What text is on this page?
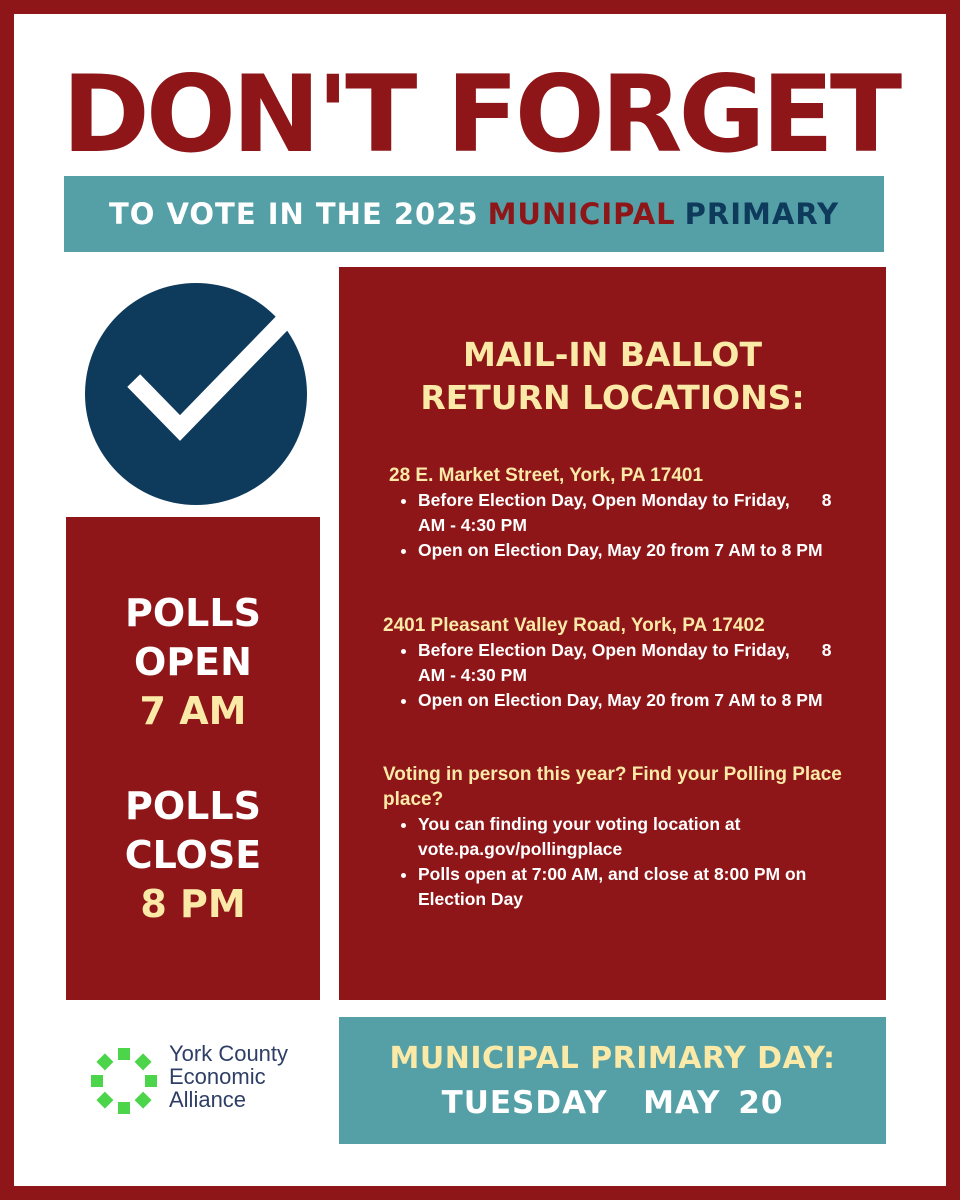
DON'T FORGET
TO VOTE IN THE 2025 MUNICIPAL PRIMARY
POLLS
OPEN
7 AM
POLLS
CLOSE
8 PM
MAIL-IN BALLOT
RETURN LOCATIONS:
28 E. Market Street, York, PA 17401
• Before Election Day, Open Monday to Friday, 8 AM - 4:30 PM
• Open on Election Day, May 20 from 7 AM to 8 PM
2401 Pleasant Valley Road, York, PA 17402
• Before Election Day, Open Monday to Friday, 8 AM - 4:30 PM
• Open on Election Day, May 20 from 7 AM to 8 PM
Voting in person this year? Find your Polling Place place?
• You can finding your voting location at vote.pa.gov/pollingplace
• Polls open at 7:00 AM, and close at 8:00 PM on Election Day
York County
Economic
Alliance
MUNICIPAL PRIMARY DAY:
TUESDAY  MAY 20
